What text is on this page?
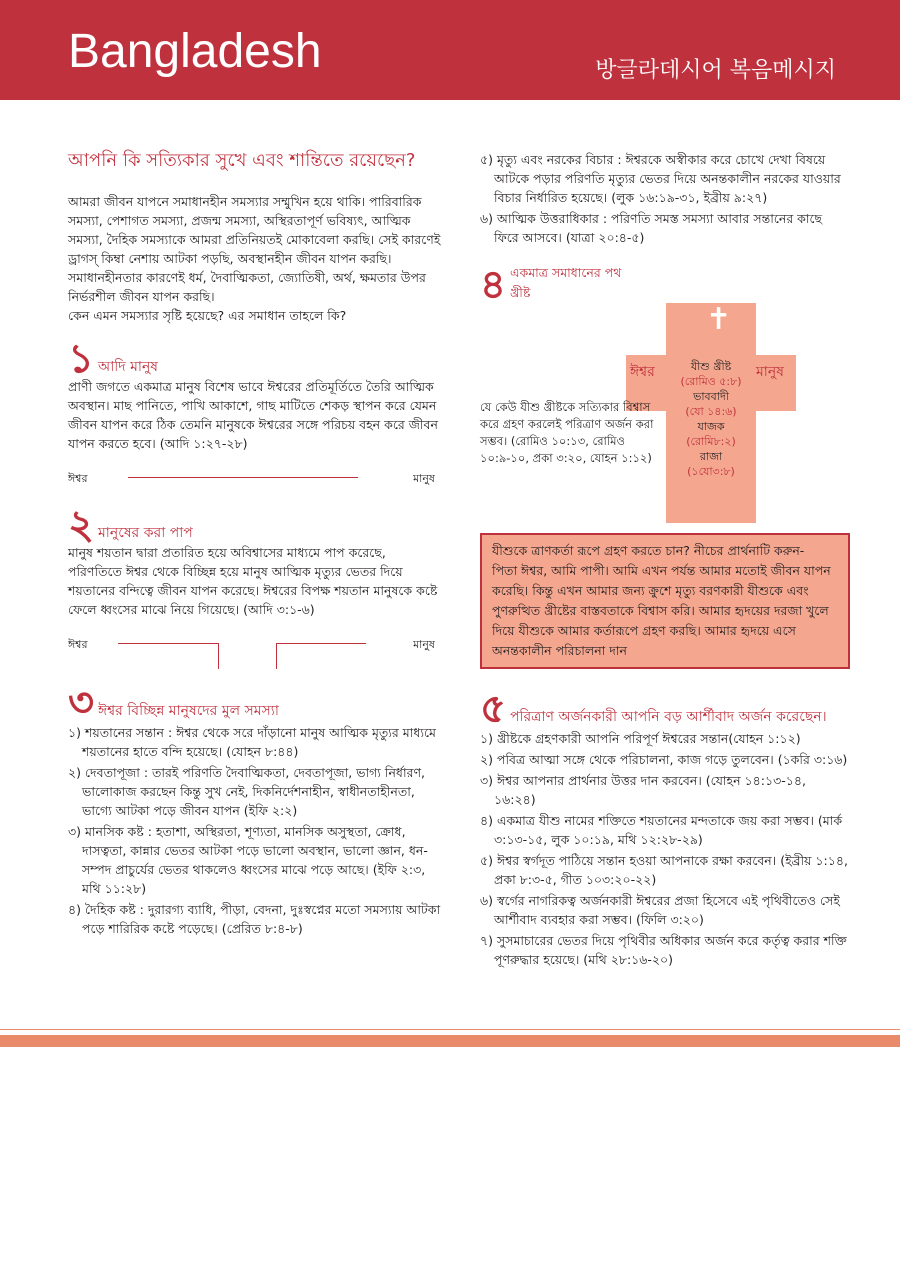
Bangladesh	방글라데시어 복음메시지
আপনি কি সত্যিকার সুখে এবং শান্তিতে রয়েছেন?

আমরা জীবন যাপনে সমাধানহীন সমস্যার সম্মুখিন হয়ে থাকি। পারিবারিক সমস্যা, পেশাগত সমস্যা, প্রজন্ম সমস্যা, অস্থিরতাপূর্ণ ভবিষ্যৎ, আত্মিক সমস্যা, দৈহিক সমস্যাকে আমরা প্রতিনিয়তই মোকাবেলা করছি। সেই কারণেই ড্রাগস্‌ কিম্বা নেশায় আটকা পড়ছি, অবস্থানহীন জীবন যাপন করছি। সমাধানহীনতার কারণেই ধর্ম, দৈবাত্মিকতা, জ্যোতিষী, অর্থ, ক্ষমতার উপর নির্ভরশীল জীবন যাপন করছি।

কেন এমন সমস্যার সৃষ্টি হয়েছে? এর সমাধান তাহলে কি?

১ আদি মানুষ

প্রাণী জগতে একমাত্র মানুষ বিশেষ ভাবে ঈশ্বরের প্রতিমূর্তিতে তৈরি আত্মিক অবস্থান। মাছ পানিতে, পাখি আকাশে, গাছ মাটিতে শেকড় স্থাপন করে যেমন জীবন যাপন করে ঠিক তেমনি মানুষকে ঈশ্বরের সঙ্গে পরিচয় বহন করে জীবন যাপন করতে হবে। (আদি ১:২৭-২৮)

ঈশ্বর	মানুষ
২ মানুষের করা পাপ

মানুষ শয়তান দ্বারা প্রতারিত হয়ে অবিশ্বাসের মাধ্যমে পাপ করেছে, পরিণতিতে ঈশ্বর থেকে বিচ্ছিন্ন হয়ে মানুষ আত্মিক মৃত্যুর ভেতর দিয়ে শয়তানের বন্দিত্বে জীবন যাপন করেছে। ঈশ্বরের বিপক্ষ শয়তান মানুষকে কষ্টে ফেলে ধ্বংসের মাঝে নিয়ে গিয়েছে। (আদি ৩:১-৬)

ঈশ্বর	মানুষ
৩ ঈশ্বর বিচ্ছিন্ন মানুষদের মুল সমস্যা
১) শয়তানের সন্তান : ঈশ্বর থেকে সরে দাঁড়ানো মানুষ আত্মিক মৃত্যুর মাধ্যমে শয়তানের হাতে বন্দি হয়েছে। (যোহন ৮:৪৪)
২) দেবতাপূজা : তারই পরিণতি দৈবাত্মিকতা, দেবতাপূজা, ভাগ্য নির্ধারণ, ভালোকাজ করছেন কিন্তু সুখ নেই, দিকনির্দেশনাহীন, স্বাধীনতাহীনতা, ভাগ্যে আটকা পড়ে জীবন যাপন (ইফি ২:২)
৩) মানসিক কষ্ট : হতাশা, অস্থিরতা, শূণ্যতা, মানসিক অসুস্থতা, ক্রোধ, দাসত্বতা, কান্নার ভেতর আটকা পড়ে ভালো অবস্থান, ভালো জ্ঞান, ধন-সম্পদ প্রাচুর্যের ভেতর থাকলেও ধ্বংসের মাঝে পড়ে আছে। (ইফি ২:৩, মথি ১১:২৮)
৪) দৈহিক কষ্ট : দুরারগ্য ব্যাধি, পীড়া, বেদনা, দুঃস্বপ্নের মতো সমস্যায় আটকা পড়ে শারিরিক কষ্টে পড়েছে। (প্রেরিত ৮:৪-৮)
৫) মৃত্যু এবং নরকের বিচার : ঈশ্বরকে অস্বীকার করে চোখে দেখা বিষয়ে আটকে পড়ার পরিণতি মৃত্যুর ভেতর দিয়ে অনন্তকালীন নরকের যাওয়ার বিচার নির্ধারিত হয়েছে। (লুক ১৬:১৯-৩১, ইব্রীয় ৯:২৭)
৬) আত্মিক উত্তরাধিকার : পরিণতি সমস্ত সমস্যা আবার সন্তানের কাছে ফিরে আসবে। (যাত্রা ২০:৪-৫)
৪ একমাত্র সমাধানের পথ
খ্রীষ্ট
✝
ঈশ্বর	মানুষ
যীশু খ্রীষ্ট
(রোমিও ৫:৮)
ভাববাদী
(যো ১৪:৬)
যাজক
(রোমি৮:২)
রাজা
(১যো৩:৮)
যে কেউ যীশু খ্রীষ্টকে সত্যিকার বিশ্বাস করে গ্রহণ করলেই পরিত্রাণ অর্জন করা সম্ভব। (রোমিও ১০:১৩, রোমিও ১০:৯-১০, প্রকা ৩:২০, যোহন ১:১২)
যীশুকে ত্রাণকর্তা রূপে গ্রহণ করতে চান? নীচের প্রার্থনাটি করুন-
পিতা ঈশ্বর, আমি পাপী। আমি এখন পর্যন্ত আমার মতোই জীবন যাপন করেছি। কিন্তু এখন আমার জন্য ক্রুশে মৃত্যু বরণকারী যীশুকে এবং পুণরুত্থিত খ্রীষ্টের বাস্তবতাকে বিশ্বাস করি। আমার হৃদয়ের দরজা খুলে দিয়ে যীশুকে আমার কর্তারূপে গ্রহণ করছি। আমার হৃদয়ে এসে অনন্তকালীন পরিচালনা দান
৫ পরিত্রাণ অর্জনকারী আপনি বড় আর্শীবাদ অর্জন করেছেন।
১) খ্রীষ্টকে গ্রহণকারী আপনি পরিপূর্ণ ঈশ্বরের সন্তান(যোহন ১:১২)
২) পবিত্র আত্মা সঙ্গে থেকে পরিচালনা, কাজ গড়ে তুলবেন। (১করি ৩:১৬)
৩) ঈশ্বর আপনার প্রার্থনার উত্তর দান করবেন। (যোহন ১৪:১৩-১৪, ১৬:২৪)
৪) একমাত্র যীশু নামের শক্তিতে শয়তানের মন্দতাকে জয় করা সম্ভব। (মার্ক ৩:১৩-১৫, লুক ১০:১৯, মথি ১২:২৮-২৯)
৫) ঈশ্বর স্বর্গদূত পাঠিয়ে সন্তান হওয়া আপনাকে রক্ষা করবেন। (ইব্রীয় ১:১৪, প্রকা ৮:৩-৫, গীত ১০৩:২০-২২)
৬) স্বর্গের নাগরিকত্ব অর্জনকারী ঈশ্বরের প্রজা হিসেবে এই পৃথিবীতেও সেই আর্শীবাদ ব্যবহার করা সম্ভব। (ফিলি ৩:২০)
৭) সুসমাচারের ভেতর দিয়ে পৃথিবীর অধিকার অর্জন করে কর্তৃত্ব করার শক্তি পূণরুদ্ধার হয়েছে। (মথি ২৮:১৬-২০)
